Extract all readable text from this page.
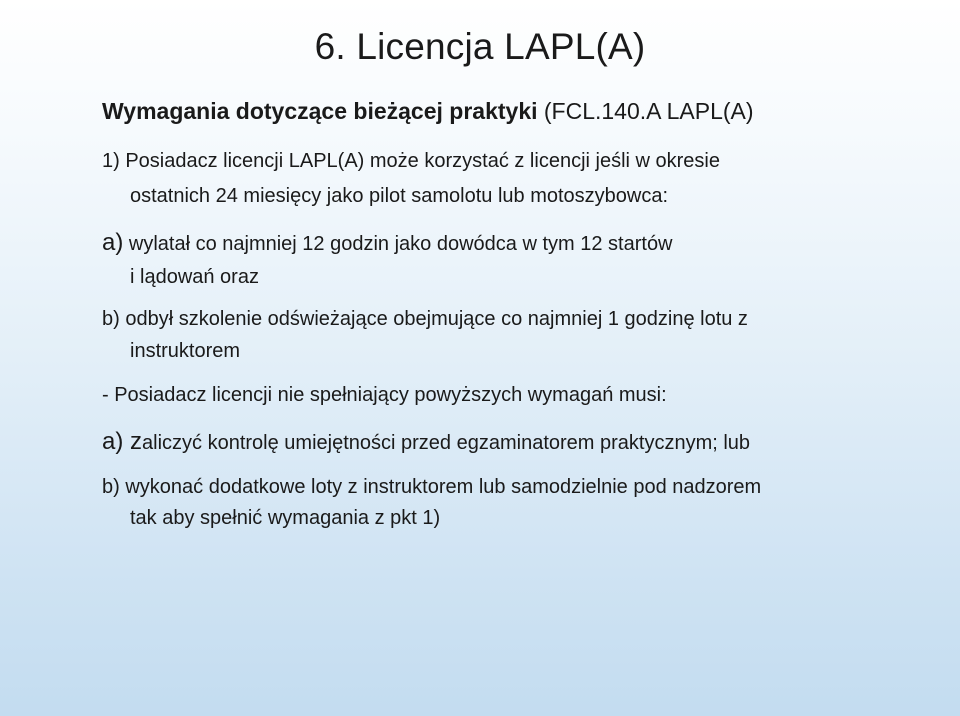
6. Licencja LAPL(A)
Wymagania dotyczące bieżącej praktyki (FCL.140.A LAPL(A)
1) Posiadacz licencji LAPL(A) może korzystać z licencji jeśli w okresie
ostatnich 24 miesięcy jako pilot samolotu lub motoszybowca:
a) wylatał co najmniej 12 godzin jako dowódca w tym 12 startów
i lądowań oraz
b) odbył szkolenie odświeżające obejmujące co najmniej 1 godzinę lotu z
instruktorem
- Posiadacz licencji nie spełniający powyższych wymagań musi:
a) zaliczyć kontrolę umiejętności przed egzaminatorem praktycznym; lub
b) wykonać dodatkowe loty z instruktorem lub samodzielnie pod nadzorem
tak aby spełnić wymagania z pkt 1)
